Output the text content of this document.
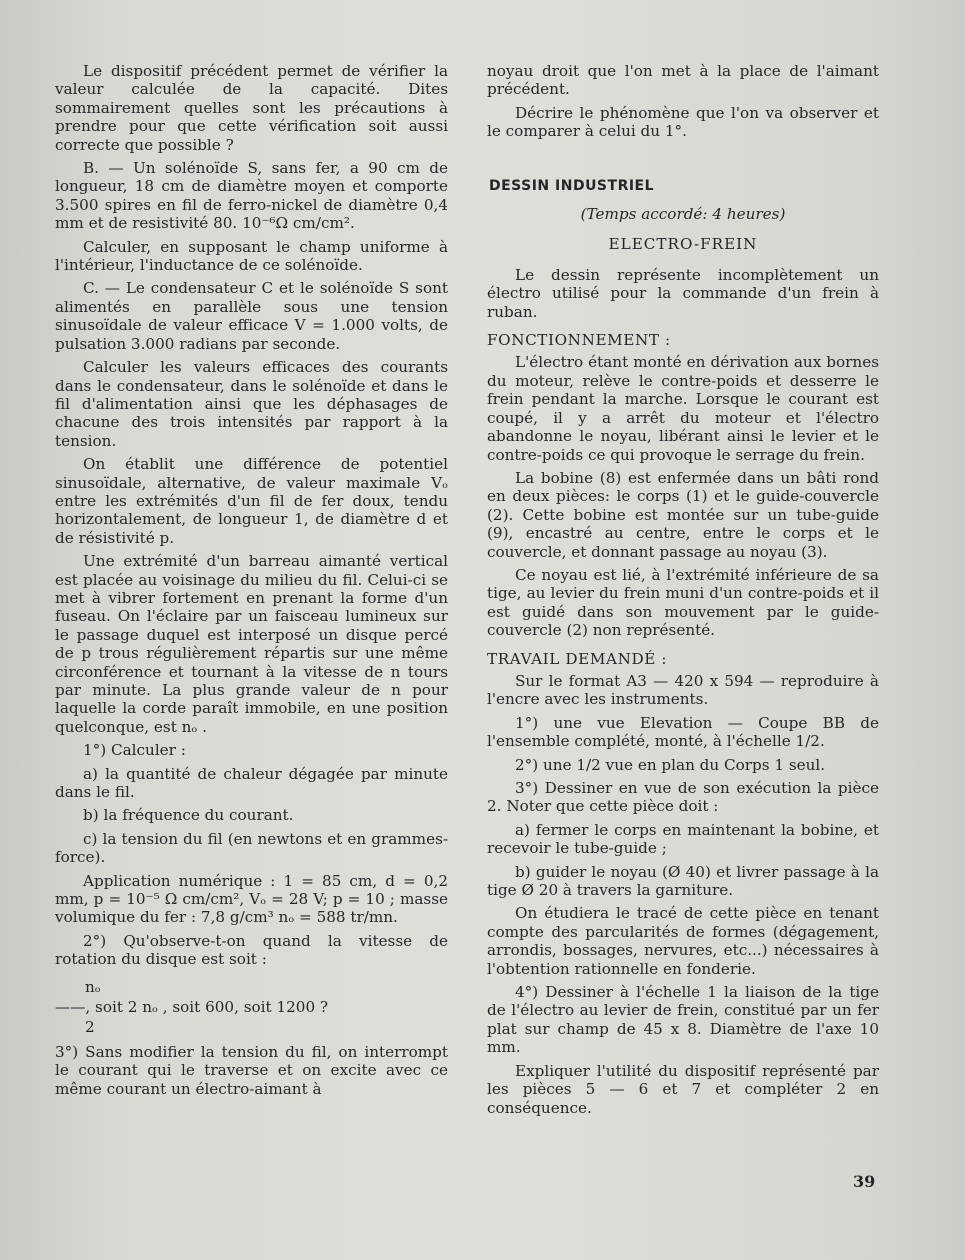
Le dispositif précédent permet de vérifier la valeur calculée de la capacité. Dites sommairement quelles sont les précautions à prendre pour que cette vérification soit aussi correcte que possible ?

B. — Un solénoïde S, sans fer, a 90 cm de longueur, 18 cm de diamètre moyen et comporte 3.500 spires en fil de ferro-nickel de diamètre 0,4 mm et de resistivité 80. 10⁻⁶Ω cm/cm².

Calculer, en supposant le champ uniforme à l'intérieur, l'inductance de ce solénoïde.

C. — Le condensateur C et le solénoïde S sont alimentés en parallèle sous une tension sinusoïdale de valeur efficace V = 1.000 volts, de pulsation 3.000 radians par seconde.

Calculer les valeurs efficaces des courants dans le condensateur, dans le solénoïde et dans le fil d'alimentation ainsi que les déphasages de chacune des trois intensités par rapport à la tension.

On établit une différence de potentiel sinusoïdale, alternative, de valeur maximale Vₒ entre les extrémités d'un fil de fer doux, tendu horizontalement, de longueur 1, de diamètre d et de résistivité p.

Une extrémité d'un barreau aimanté vertical est placée au voisinage du milieu du fil. Celui-ci se met à vibrer fortement en prenant la forme d'un fuseau. On l'éclaire par un faisceau lumineux sur le passage duquel est interposé un disque percé de p trous régulièrement répartis sur une même circonférence et tournant à la vitesse de n tours par minute. La plus grande valeur de n pour laquelle la corde paraît immobile, en une position quelconque, est nₒ .

1°) Calculer :

a) la quantité de chaleur dégagée par minute dans le fil.

b) la fréquence du courant.

c) la tension du fil (en newtons et en grammes-force).

Application numérique : 1 = 85 cm, d = 0,2 mm, p = 10⁻⁵ Ω cm/cm², Vₒ = 28 V; p = 10 ; masse volumique du fer : 7,8 g/cm³ nₒ = 588 tr/mn.

2°) Qu'observe-t-on quand la vitesse de rotation du disque est soit :

nₒ
——, soit 2 nₒ , soit 600, soit 1200 ?
2

3°) Sans modifier la tension du fil, on interrompt le courant qui le traverse et on excite avec ce même courant un électro-aimant à

noyau droit que l'on met à la place de l'aimant précédent.

Décrire le phénomène que l'on va observer et le comparer à celui du 1°.

DESSIN INDUSTRIEL
(Temps accordé: 4 heures)
ELECTRO-FREIN

Le dessin représente incomplètement un électro utilisé pour la commande d'un frein à ruban.

FONCTIONNEMENT :

L'électro étant monté en dérivation aux bornes du moteur, relève le contre-poids et desserre le frein pendant la marche. Lorsque le courant est coupé, il y a arrêt du moteur et l'électro abandonne le noyau, libérant ainsi le levier et le contre-poids ce qui provoque le serrage du frein.

La bobine (8) est enfermée dans un bâti rond en deux pièces: le corps (1) et le guide-couvercle (2). Cette bobine est montée sur un tube-guide (9), encastré au centre, entre le corps et le couvercle, et donnant passage au noyau (3).

Ce noyau est lié, à l'extrémité inférieure de sa tige, au levier du frein muni d'un contre-poids et il est guidé dans son mouvement par le guide-couvercle (2) non représenté.

TRAVAIL DEMANDÉ :

Sur le format A3 — 420 x 594 — reproduire à l'encre avec les instruments.

1°) une vue Elevation — Coupe BB de l'ensemble complété, monté, à l'échelle 1/2.

2°) une 1/2 vue en plan du Corps 1 seul.

3°) Dessiner en vue de son exécution la pièce 2. Noter que cette pièce doit :

a) fermer le corps en maintenant la bobine, et recevoir le tube-guide ;

b) guider le noyau (Ø 40) et livrer passage à la tige Ø 20 à travers la garniture.

On étudiera le tracé de cette pièce en tenant compte des parcularités de formes (dégagement, arrondis, bossages, nervures, etc...) nécessaires à l'obtention rationnelle en fonderie.

4°) Dessiner à l'échelle 1 la liaison de la tige de l'électro au levier de frein, constitué par un fer plat sur champ de 45 x 8. Diamètre de l'axe 10 mm.

Expliquer l'utilité du dispositif représenté par les pièces 5 — 6 et 7 et compléter 2 en conséquence.

39
